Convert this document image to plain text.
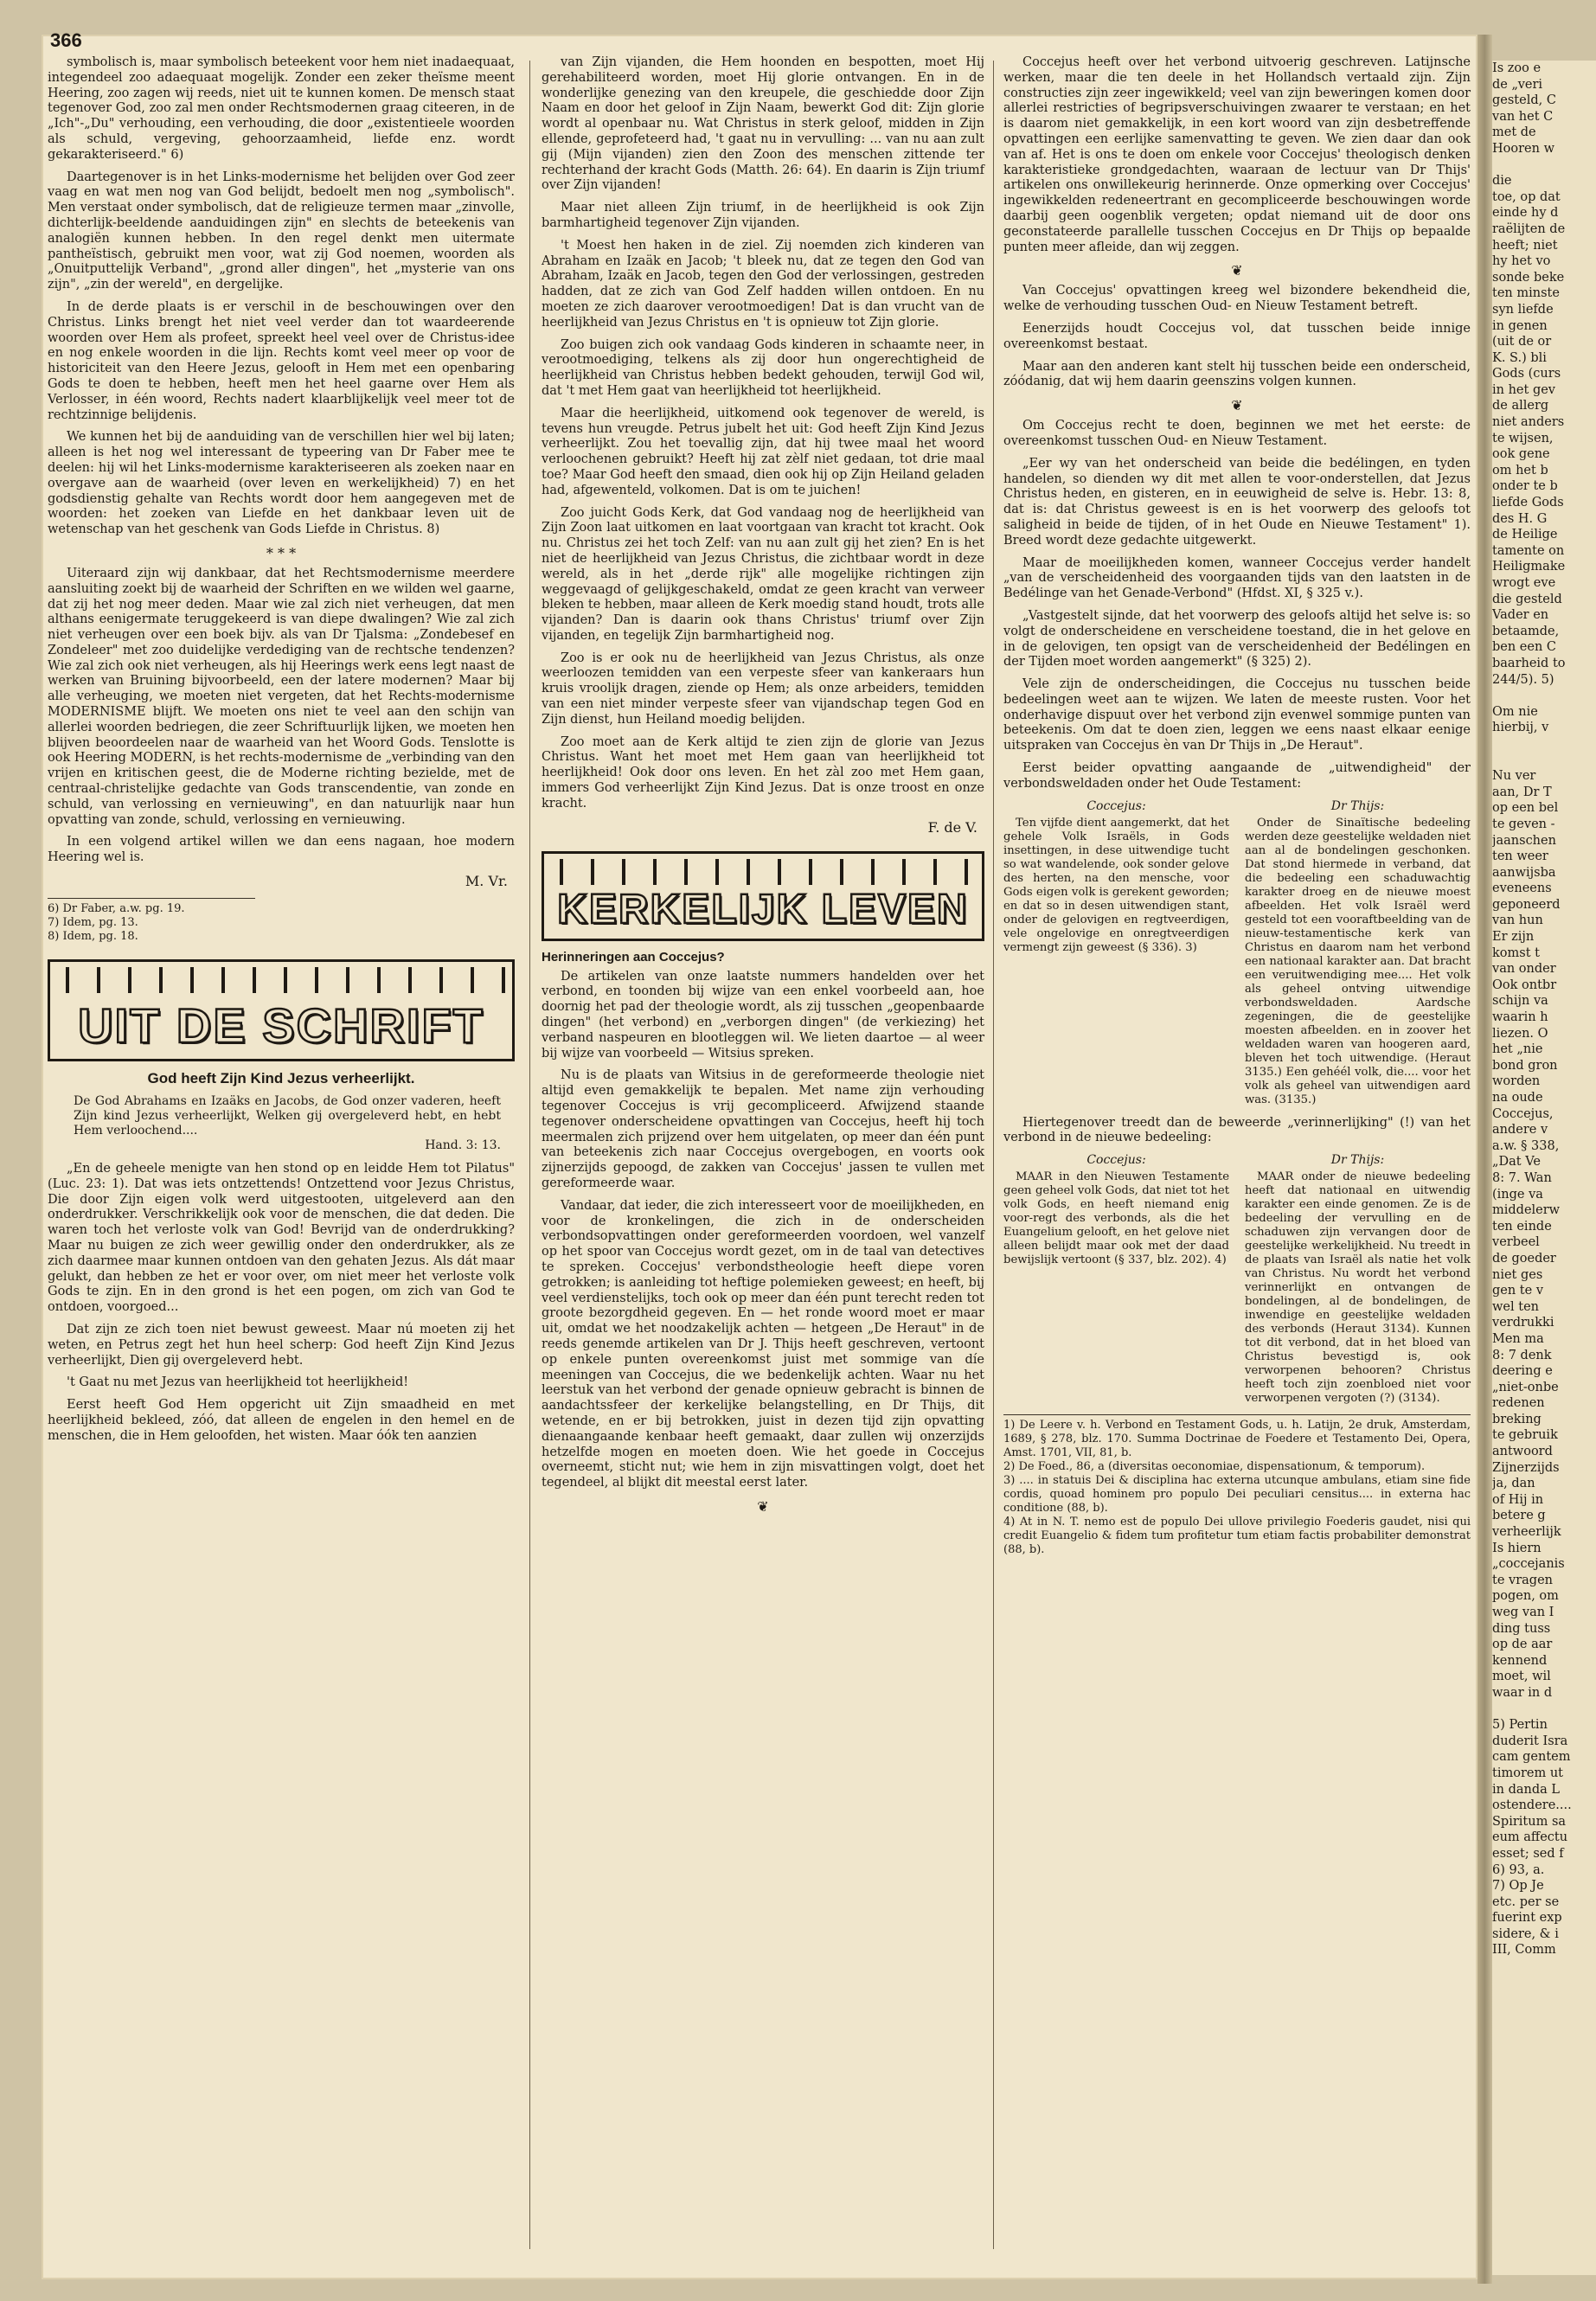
366

symbolisch is, maar symbolisch beteekent voor hem niet inadaequaat, integendeel zoo adaequaat mogelijk. Zonder een zeker theïsme meent Heering, zoo zagen wij reeds, niet uit te kunnen komen. De mensch staat tegenover God, zoo zal men onder Rechtsmodernen graag citeeren, in de „Ich"-„Du" verhouding, een verhouding, die door „existentieele woorden als schuld, vergeving, gehoorzaamheid, liefde enz. wordt gekarakteriseerd." 6)

Daartegenover is in het Links-modernisme het belijden over God zeer vaag en wat men nog van God belijdt, bedoelt men nog „symbolisch". Men verstaat onder symbolisch, dat de religieuze termen maar „zinvolle, dichterlijk-beeldende aanduidingen zijn" en slechts de beteekenis van analogiën kunnen hebben. In den regel denkt men uitermate pantheïstisch, gebruikt men voor, wat zij God noemen, woorden als „Onuitputtelijk Verband", „grond aller dingen", het „mysterie van ons zijn", „zin der wereld", en dergelijke.

In de derde plaats is er verschil in de beschouwingen over den Christus. Links brengt het niet veel verder dan tot waardeerende woorden over Hem als profeet, spreekt heel veel over de Christus-idee en nog enkele woorden in die lijn. Rechts komt veel meer op voor de historiciteit van den Heere Jezus, gelooft in Hem met een openbaring Gods te doen te hebben, heeft men het heel gaarne over Hem als Verlosser, in één woord, Rechts nadert klaarblijkelijk veel meer tot de rechtzinnige belijdenis.

We kunnen het bij de aanduiding van de verschillen hier wel bij laten; alleen is het nog wel interessant de typeering van Dr Faber mee te deelen: hij wil het Links-modernisme karakteriseeren als zoeken naar en overgave aan de waarheid (over leven en werkelijkheid) 7) en het godsdienstig gehalte van Rechts wordt door hem aangegeven met de woorden: het zoeken van Liefde en het dankbaar leven uit de wetenschap van het geschenk van Gods Liefde in Christus. 8)

* * *

Uiteraard zijn wij dankbaar, dat het Rechtsmodernisme meerdere aansluiting zoekt bij de waarheid der Schriften en we wilden wel gaarne, dat zij het nog meer deden. Maar wie zal zich niet verheugen, dat men althans eenigermate teruggekeerd is van diepe dwalingen? Wie zal zich niet verheugen over een boek bijv. als van Dr Tjalsma: „Zondebesef en Zondeleer" met zoo duidelijke verdediging van de rechtsche tendenzen? Wie zal zich ook niet verheugen, als hij Heerings werk eens legt naast de werken van Bruining bijvoorbeeld, een der latere modernen? Maar bij alle verheuging, we moeten niet vergeten, dat het Rechts-modernisme MODERNISME blijft. We moeten ons niet te veel aan den schijn van allerlei woorden bedriegen, die zeer Schriftuurlijk lijken, we moeten hen blijven beoordeelen naar de waarheid van het Woord Gods. Tenslotte is ook Heering MODERN, is het rechts-modernisme de „verbinding van den vrijen en kritischen geest, die de Moderne richting bezielde, met de centraal-christelijke gedachte van Gods transcendentie, van zonde en schuld, van verlossing en vernieuwing", en dan natuurlijk naar hun opvatting van zonde, schuld, verlossing en vernieuwing.

In een volgend artikel willen we dan eens nagaan, hoe modern Heering wel is.

M. Vr.

6) Dr Faber, a.w. pg. 19.

7) Idem, pg. 13.

8) Idem, pg. 18.

UIT DE SCHRIFT
God heeft Zijn Kind Jezus verheerlijkt.

De God Abrahams en Izaäks en Jacobs, de God onzer vaderen, heeft Zijn kind Jezus verheerlijkt, Welken gij overgeleverd hebt, en hebt Hem verloochend....
Hand. 3: 13.

„En de geheele menigte van hen stond op en leidde Hem tot Pilatus" (Luc. 23: 1). Dat was iets ontzettends! Ontzettend voor Jezus Christus, Die door Zijn eigen volk werd uitgestooten, uitgeleverd aan den onderdrukker. Verschrikkelijk ook voor de menschen, die dat deden. Die waren toch het verloste volk van God! Bevrijd van de onderdrukking? Maar nu buigen ze zich weer gewillig onder den onderdrukker, als ze zich daarmee maar kunnen ontdoen van den gehaten Jezus. Als dát maar gelukt, dan hebben ze het er voor over, om niet meer het verloste volk Gods te zijn. En in den grond is het een pogen, om zich van God te ontdoen, voorgoed...

Dat zijn ze zich toen niet bewust geweest. Maar nú moeten zij het weten, en Petrus zegt het hun heel scherp: God heeft Zijn Kind Jezus verheerlijkt, Dien gij overgeleverd hebt.

't Gaat nu met Jezus van heerlijkheid tot heerlijkheid!

Eerst heeft God Hem opgericht uit Zijn smaadheid en met heerlijkheid bekleed, zóó, dat alleen de engelen in den hemel en de menschen, die in Hem geloofden, het wisten. Maar óók ten aanzien

van Zijn vijanden, die Hem hoonden en bespotten, moet Hij gerehabiliteerd worden, moet Hij glorie ontvangen. En in de wonderlijke genezing van den kreupele, die geschiedde door Zijn Naam en door het geloof in Zijn Naam, bewerkt God dit: Zijn glorie wordt al openbaar nu. Wat Christus in sterk geloof, midden in Zijn ellende, geprofeteerd had, 't gaat nu in vervulling: ... van nu aan zult gij (Mijn vijanden) zien den Zoon des menschen zittende ter rechterhand der kracht Gods (Matth. 26: 64). En daarin is Zijn triumf over Zijn vijanden!

Maar niet alleen Zijn triumf, in de heerlijkheid is ook Zijn barmhartigheid tegenover Zijn vijanden.

't Moest hen haken in de ziel. Zij noemden zich kinderen van Abraham en Izaäk en Jacob; 't bleek nu, dat ze tegen den God van Abraham, Izaäk en Jacob, tegen den God der verlossingen, gestreden hadden, dat ze zich van God Zelf hadden willen ontdoen. En nu moeten ze zich daarover verootmoedigen! Dat is dan vrucht van de heerlijkheid van Jezus Christus en 't is opnieuw tot Zijn glorie.

Zoo buigen zich ook vandaag Gods kinderen in schaamte neer, in verootmoediging, telkens als zij door hun ongerechtigheid de heerlijkheid van Christus hebben bedekt gehouden, terwijl God wil, dat 't met Hem gaat van heerlijkheid tot heerlijkheid.

Maar die heerlijkheid, uitkomend ook tegenover de wereld, is tevens hun vreugde. Petrus jubelt het uit: God heeft Zijn Kind Jezus verheerlijkt. Zou het toevallig zijn, dat hij twee maal het woord verloochenen gebruikt? Heeft hij zat zèlf niet gedaan, tot drie maal toe? Maar God heeft den smaad, dien ook hij op Zijn Heiland geladen had, afgewenteld, volkomen. Dat is om te juichen!

Zoo juicht Gods Kerk, dat God vandaag nog de heerlijkheid van Zijn Zoon laat uitkomen en laat voortgaan van kracht tot kracht. Ook nu. Christus zei het toch Zelf: van nu aan zult gij het zien? En is het niet de heerlijkheid van Jezus Christus, die zichtbaar wordt in deze wereld, als in het „derde rijk" alle mogelijke richtingen zijn weggevaagd of gelijkgeschakeld, omdat ze geen kracht van verweer bleken te hebben, maar alleen de Kerk moedig stand houdt, trots alle vijanden? Dan is daarin ook thans Christus' triumf over Zijn vijanden, en tegelijk Zijn barmhartigheid nog.

Zoo is er ook nu de heerlijkheid van Jezus Christus, als onze weerloozen temidden van een verpeste sfeer van kankeraars hun kruis vroolijk dragen, ziende op Hem; als onze arbeiders, temidden van een niet minder verpeste sfeer van vijandschap tegen God en Zijn dienst, hun Heiland moedig belijden.

Zoo moet aan de Kerk altijd te zien zijn de glorie van Jezus Christus. Want het moet met Hem gaan van heerlijkheid tot heerlijkheid! Ook door ons leven. En het zàl zoo met Hem gaan, immers God verheerlijkt Zijn Kind Jezus. Dat is onze troost en onze kracht.

F. de V.
KERKELIJK LEVEN
Herinneringen aan Coccejus?

De artikelen van onze laatste nummers handelden over het verbond, en toonden bij wijze van een enkel voorbeeld aan, hoe doornig het pad der theologie wordt, als zij tusschen „geopenbaarde dingen" (het verbond) en „verborgen dingen" (de verkiezing) het verband naspeuren en blootleggen wil. We lieten daartoe — al weer bij wijze van voorbeeld — Witsius spreken.

Nu is de plaats van Witsius in de gereformeerde theologie niet altijd even gemakkelijk te bepalen. Met name zijn verhouding tegenover Coccejus is vrij gecompliceerd. Afwijzend staande tegenover onderscheidene opvattingen van Coccejus, heeft hij toch meermalen zich prijzend over hem uitgelaten, op meer dan één punt van beteekenis zich naar Coccejus overgebogen, en voorts ook zijnerzijds gepoogd, de zakken van Coccejus' jassen te vullen met gereformeerde waar.

Vandaar, dat ieder, die zich interesseert voor de moeilijkheden, en voor de kronkelingen, die zich in de onderscheiden verbondsopvattingen onder gereformeerden voordoen, wel vanzelf op het spoor van Coccejus wordt gezet, om in de taal van detectives te spreken. Coccejus' verbondstheologie heeft diepe voren getrokken; is aanleiding tot heftige polemieken geweest; en heeft, bij veel verdienstelijks, toch ook op meer dan één punt terecht reden tot groote bezorgdheid gegeven. En — het ronde woord moet er maar uit, omdat we het noodzakelijk achten — hetgeen „De Heraut" in de reeds genemde artikelen van Dr J. Thijs heeft geschreven, vertoont op enkele punten overeenkomst juist met sommige van díe meeningen van Coccejus, die we bedenkelijk achten. Waar nu het leerstuk van het verbond der genade opnieuw gebracht is binnen de aandachtssfeer der kerkelijke belangstelling, en Dr Thijs, dit wetende, en er bij betrokken, juist in dezen tijd zijn opvatting dienaangaande kenbaar heeft gemaakt, daar zullen wij onzerzijds hetzelfde mogen en moeten doen. Wie het goede in Coccejus overneemt, sticht nut; wie hem in zijn misvattingen volgt, doet het tegendeel, al blijkt dit meestal eerst later.

❦

Coccejus heeft over het verbond uitvoerig geschreven. Latijnsche werken, maar die ten deele in het Hollandsch vertaald zijn. Zijn constructies zijn zeer ingewikkeld; veel van zijn beweringen komen door allerlei restricties of begripsverschuivingen zwaarer te verstaan; en het is daarom niet gemakkelijk, in een kort woord van zijn desbetreffende opvattingen een eerlijke samenvatting te geven. We zien daar dan ook van af. Het is ons te doen om enkele voor Coccejus' theologisch denken karakteristieke grondgedachten, waaraan de lectuur van Dr Thijs' artikelen ons onwillekeurig herinnerde. Onze opmerking over Coccejus' ingewikkelden redeneertrant en gecompliceerde beschouwingen worde daarbij geen oogenblik vergeten; opdat niemand uit de door ons geconstateerde parallelle tusschen Coccejus en Dr Thijs op bepaalde punten meer afleide, dan wij zeggen.

❦

Van Coccejus' opvattingen kreeg wel bizondere bekendheid die, welke de verhouding tusschen Oud- en Nieuw Testament betreft.

Eenerzijds houdt Coccejus vol, dat tusschen beide innige overeenkomst bestaat.

Maar aan den anderen kant stelt hij tusschen beide een onderscheid, zóódanig, dat wij hem daarin geenszins volgen kunnen.

❦

Om Coccejus recht te doen, beginnen we met het eerste: de overeenkomst tusschen Oud- en Nieuw Testament.

„Eer wy van het onderscheid van beide die bedélingen, en tyden handelen, so dienden wy dit met allen te voor-onderstellen, dat Jezus Christus heden, en gisteren, en in eeuwigheid de selve is. Hebr. 13: 8, dat is: dat Christus geweest is en is het voorwerp des geloofs tot saligheid in beide de tijden, of in het Oude en Nieuwe Testament" 1). Breed wordt deze gedachte uitgewerkt.

Maar de moeilijkheden komen, wanneer Coccejus verder handelt „van de verscheidenheid des voorgaanden tijds van den laatsten in de Bedélinge van het Genade-Verbond" (Hfdst. XI, § 325 v.).

„Vastgestelt sijnde, dat het voorwerp des geloofs altijd het selve is: so volgt de onderscheidene en verscheidene toestand, die in het gelove en in de gelovigen, ten opsigt van de verscheidenheid der Bedélingen en der Tijden moet worden aangemerkt" (§ 325) 2).

Vele zijn de onderscheidingen, die Coccejus nu tusschen beide bedeelingen weet aan te wijzen. We laten de meeste rusten. Voor het onderhavige dispuut over het verbond zijn evenwel sommige punten van beteekenis. Om dat te doen zien, leggen we eens naast elkaar eenige uitspraken van Coccejus èn van Dr Thijs in „De Heraut".

Eerst beider opvatting aangaande de „uitwendigheid" der verbondsweldaden onder het Oude Testament:

Coccejus:

Ten vijfde dient aangemerkt, dat het gehele Volk Israëls, in Gods insettingen, in dese uitwendige tucht so wat wandelende, ook sonder gelove des herten, na den mensche, voor Gods eigen volk is gerekent geworden; en dat so in desen uitwendigen stant, onder de gelovigen en regtveerdigen, vele ongelovige en onregtveerdigen vermengt zijn geweest (§ 336). 3)

Dr Thijs:

Onder de Sinaïtische bedeeling werden deze geestelijke weldaden niet aan al de bondelingen geschonken. Dat stond hiermede in verband, dat die bedeeling een schaduwachtig karakter droeg en de nieuwe moest afbeelden. Het volk Israël werd gesteld tot een vooraftbeelding van de nieuw-testamentische kerk van Christus en daarom nam het verbond een nationaal karakter aan. Dat bracht een veruitwendiging mee.... Het volk als geheel ontving uitwendige verbondsweldaden. Aardsche zegeningen, die de geestelijke moesten afbeelden. en in zoover het weldaden waren van hoogeren aard, bleven het toch uitwendige. (Heraut 3135.) Een gehéél volk, die.... voor het volk als geheel van uitwendigen aard was. (3135.)

Hiertegenover treedt dan de beweerde „verinnerlijking" (!) van het verbond in de nieuwe bedeeling:

Coccejus:

MAAR in den Nieuwen Testamente geen geheel volk Gods, dat niet tot het volk Gods, en heeft niemand enig voor-regt des verbonds, als die het Euangelium gelooft, en het gelove niet alleen belijdt maar ook met der daad bewijslijk vertoont (§ 337, blz. 202). 4)

Dr Thijs:

MAAR onder de nieuwe bedeeling heeft dat nationaal en uitwendig karakter een einde genomen. Ze is de bedeeling der vervulling en de schaduwen zijn vervangen door de geestelijke werkelijkheid. Nu treedt in de plaats van Israël als natie het volk van Christus. Nu wordt het verbond verinnerlijkt en ontvangen de bondelingen, al de bondelingen, de inwendige en geestelijke weldaden des verbonds (Heraut 3134). Kunnen tot dit verbond, dat in het bloed van Christus bevestigd is, ook verworpenen behooren? Christus heeft toch zijn zoenbloed niet voor verworpenen vergoten (?) (3134).

1) De Leere v. h. Verbond en Testament Gods, u. h. Latijn, 2e druk, Amsterdam, 1689, § 278, blz. 170. Summa Doctrinae de Foedere et Testamento Dei, Opera, Amst. 1701, VII, 81, b.

2) De Foed., 86, a (diversitas oeconomiae, dispensationum, & temporum).

3) .... in statuis Dei & disciplina hac externa utcunque ambulans, etiam sine fide cordis, quoad hominem pro populo Dei peculiari censitus.... in externa hac conditione (88, b).

4) At in N. T. nemo est de populo Dei ullove privilegio Foederis gaudet, nisi qui credit Euangelio & fidem tum profitetur tum etiam factis probabiliter demonstrat (88, b).

Is zoo e

de „veri

gesteld, C

van het C

met de

Hooren w

die

toe, op dat

einde hy d

raëlijten de

heeft; niet

hy het vo

sonde beke

ten minste

syn liefde

in genen

(uit de or

K. S.) bli

Gods (curs

in het gev

de allerg

niet anders

te wijsen,

ook gene

om het b

onder te b

liefde Gods

des H. G

de Heilige

tamente on

Heiligmake

wrogt eve

die gesteld

Vader en

betaamde,

ben een C

baarheid to

244/5). 5)

Om nie

hierbij, v

Nu ver

aan, Dr T

op een bel

te geven -

jaanschen

ten weer

aanwijsba

eveneens

geponeerd

van hun

Er zijn

komst t

van onder

Ook ontbr

schijn va

waarin h

liezen. O

het „nie

bond gron

worden

na oude

Coccejus,

andere v

a.w. § 338,

„Dat Ve

8: 7. Wan

(inge va

middelerw

ten einde

verbeel

de goeder

niet ges

gen te v

wel ten

verdrukki

Men ma

8: 7 denk

deering e

„niet-onbe

redenen

breking

te gebruik

antwoord

Zijnerzijds

ja, dan

of Hij in

betere g

verheerlijk

Is hiern

„coccejanis

te vragen

pogen, om

weg van I

ding tuss

op de aar

kennend

moet, wil

waar in d

5) Pertin

duderit Isra

cam gentem

timorem ut

in danda L

ostendere....

Spiritum sa

eum affectu

esset; sed f

6) 93, a.

7) Op Je

etc. per se

fuerint exp

sidere, & i

III, Comm
